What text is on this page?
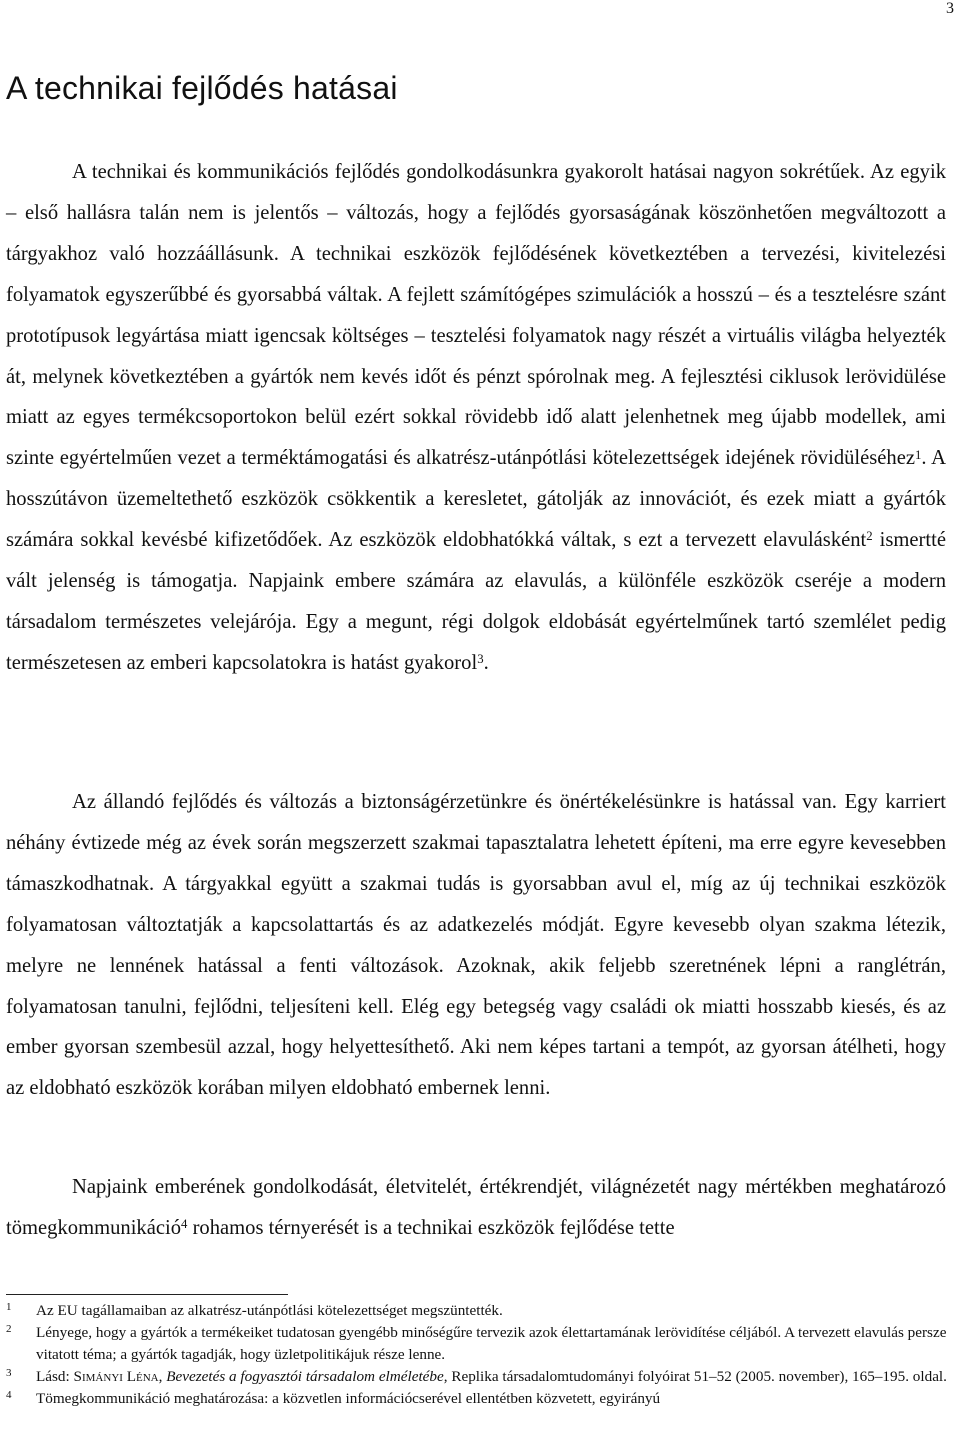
3
A technikai fejlődés hatásai

A technikai és kommunikációs fejlődés gondolkodásunkra gyakorolt hatásai nagyon sokrétűek. Az egyik – első hallásra talán nem is jelentős – változás, hogy a fejlődés gyorsaságának köszönhetően megváltozott a tárgyakhoz való hozzáállásunk. A technikai eszközök fejlődésének következtében a tervezési, kivitelezési folyamatok egyszerűbbé és gyorsabbá váltak. A fejlett számítógépes szimulációk a hosszú – és a tesztelésre szánt prototípusok legyártása miatt igencsak költséges – tesztelési folyamatok nagy részét a virtuális világba helyezték át, melynek következtében a gyártók nem kevés időt és pénzt spórolnak meg. A fejlesztési ciklusok lerövidülése miatt az egyes termékcsoportokon belül ezért sokkal rövidebb idő alatt jelenhetnek meg újabb modellek, ami szinte egyértelműen vezet a terméktámogatási és alkatrész-utánpótlási kötelezettségek idejének rövidüléséhez$^1$. A hosszútávon üzemeltethető eszközök csökkentik a keresletet, gátolják az innovációt, és ezek miatt a gyártók számára sokkal kevésbé kifizetődőek. Az eszközök eldobhatókká váltak, s ezt a tervezett elavulásként$^2$ ismertté vált jelenség is támogatja. Napjaink embere számára az elavulás, a különféle eszközök cseréje a modern társadalom természetes velejárója. Egy a megunt, régi dolgok eldobását egyértelműnek tartó szemlélet pedig természetesen az emberi kapcsolatokra is hatást gyakorol$^3$.

Az állandó fejlődés és változás a biztonságérzetünkre és önértékelésünkre is hatással van. Egy karriert néhány évtizede még az évek során megszerzett szakmai tapasztalatra lehetett építeni, ma erre egyre kevesebben támaszkodhatnak. A tárgyakkal együtt a szakmai tudás is gyorsabban avul el, míg az új technikai eszközök folyamatosan változtatják a kapcsolattartás és az adatkezelés módját. Egyre kevesebb olyan szakma létezik, melyre ne lennének hatással a fenti változások. Azoknak, akik feljebb szeretnének lépni a ranglétrán, folyamatosan tanulni, fejlődni, teljesíteni kell. Elég egy betegség vagy családi ok miatti hosszabb kiesés, és az ember gyorsan szembesül azzal, hogy helyettesíthető. Aki nem képes tartani a tempót, az gyorsan átélheti, hogy az eldobható eszközök korában milyen eldobható embernek lenni.

Napjaink emberének gondolkodását, életvitelét, értékrendjét, világnézetét nagy mértékben meghatározó tömegkommunikáció$^4$ rohamos térnyerését is a technikai eszközök fejlődése tette

1 Az EU tagállamaiban az alkatrész-utánpótlási kötelezettséget megszüntették.
2 Lényege, hogy a gyártók a termékeiket tudatosan gyengébb minőségűre tervezik azok élettartamának lerövidítése céljából. A tervezett elavulás persze vitatott téma; a gyártók tagadják, hogy üzletpolitikájuk része lenne.
3 Lásd: Simányi Léna, Bevezetés a fogyasztói társadalom elméletébe, Replika társadalomtudományi folyóirat 51–52 (2005. november), 165–195. oldal.
4 Tömegkommunikáció meghatározása: a közvetlen információcserével ellentétben közvetett, egyirányú
